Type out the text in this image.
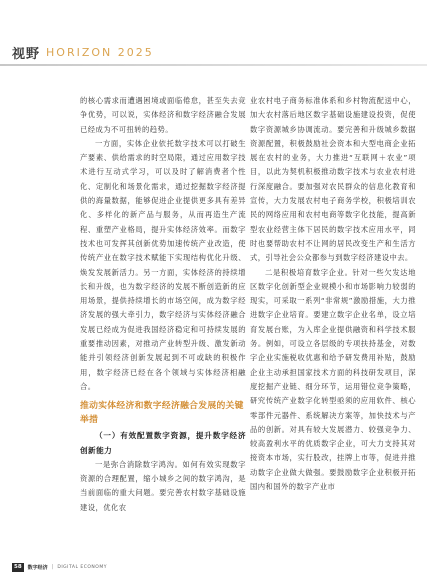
视野 HORIZON 2025

的核心需求而遭遇困境或面临倦怠，甚至失去竞争优势，可以说，实体经济和数字经济融合发展已经成为不可扭转的趋势。

一方面，实体企业依托数字技术可以打破生产要素、供给需求的时空局限，通过应用数字技术进行互动式学习，可以及时了解消费者个性化、定制化和场景化需求，通过挖掘数字经济提供的海量数据，能够促进企业提供更多具有差异化、多样化的新产品与服务，从而再造生产流程、重塑产业格局，提升实体经济效率。而数字技术也可发挥其创新优势加速传统产业改造，使传统产业在数字技术赋能下实现结构优化升级、焕发发展新活力。另一方面，实体经济的持续增长和升级，也为数字经济的发展不断创造新的应用场景，提供持续增长的市场空间，成为数字经济发展的强大牵引力，数字经济与实体经济融合发展已经成为促进我国经济稳定和可持续发展的重要推动因素，对推动产业转型升级、激发新动能并引领经济创新发展起到不可或缺的积极作用，数字经济已经在各个领域与实体经济相融合。

推动实体经济和数字经济融合发展的关键举措

（一）有效配置数字资源，提升数字经济创新能力

一是弥合消除数字鸿沟。如何有效实现数字资源的合理配置，缩小城乡之间的数字鸿沟，是当前面临的重大问题。要完善农村数字基础设施建设，优化农

业农村电子商务标准体系和乡村物流配送中心，加大农村落后地区数字基础设施建设投资，促使数字资源城乡协调流动。要完善和升级城乡数据资源配置，积极鼓励社会资本和大型电商企业拓展在农村的业务，大力推进“互联网＋农业”项目，以此为契机积极推动数字技术与农业农村进行深度融合。要加强对农民群众的信息化教育和宣传，大力发展农村电子商务学校，积极培训农民的网络应用和农村电商等数字化技能，提高新型农业经营主体下居民的数字技术应用水平，同时也要帮助农村不让网的居民改变生产和生活方式，引导社会公众都参与到数字经济建设中去。

二是积极培育数字企业。针对一些欠发达地区数字化创新型企业规模小和市场影响力较弱的现实，可采取一系列“非常规”激励措施，大力推进数字企业培育。要建立数字企业名单，设立培育发展台账，为入库企业提供融资和科学技术服务。例如，可设立各层级的专项扶持基金，对数字企业实施税收优惠和给予研发费用补贴，鼓励企业主动承担国家技术方面的科技研发项目，深度挖掘产业链、细分环节，运用错位竞争策略，研究传统产业数字化转型亟须的应用软件、核心零部件元器件、系统解决方案等，加快技术与产品的创新。对具有较大发展潜力、较强竞争力、较高盈利水平的优质数字企业，可大力支持其对接资本市场，实行股改，挂牌上市等，促进并推动数字企业做大做强。要鼓励数字企业积极开拓国内和国外的数字产业市

58	数字经济 | DIGITAL ECONOMY
